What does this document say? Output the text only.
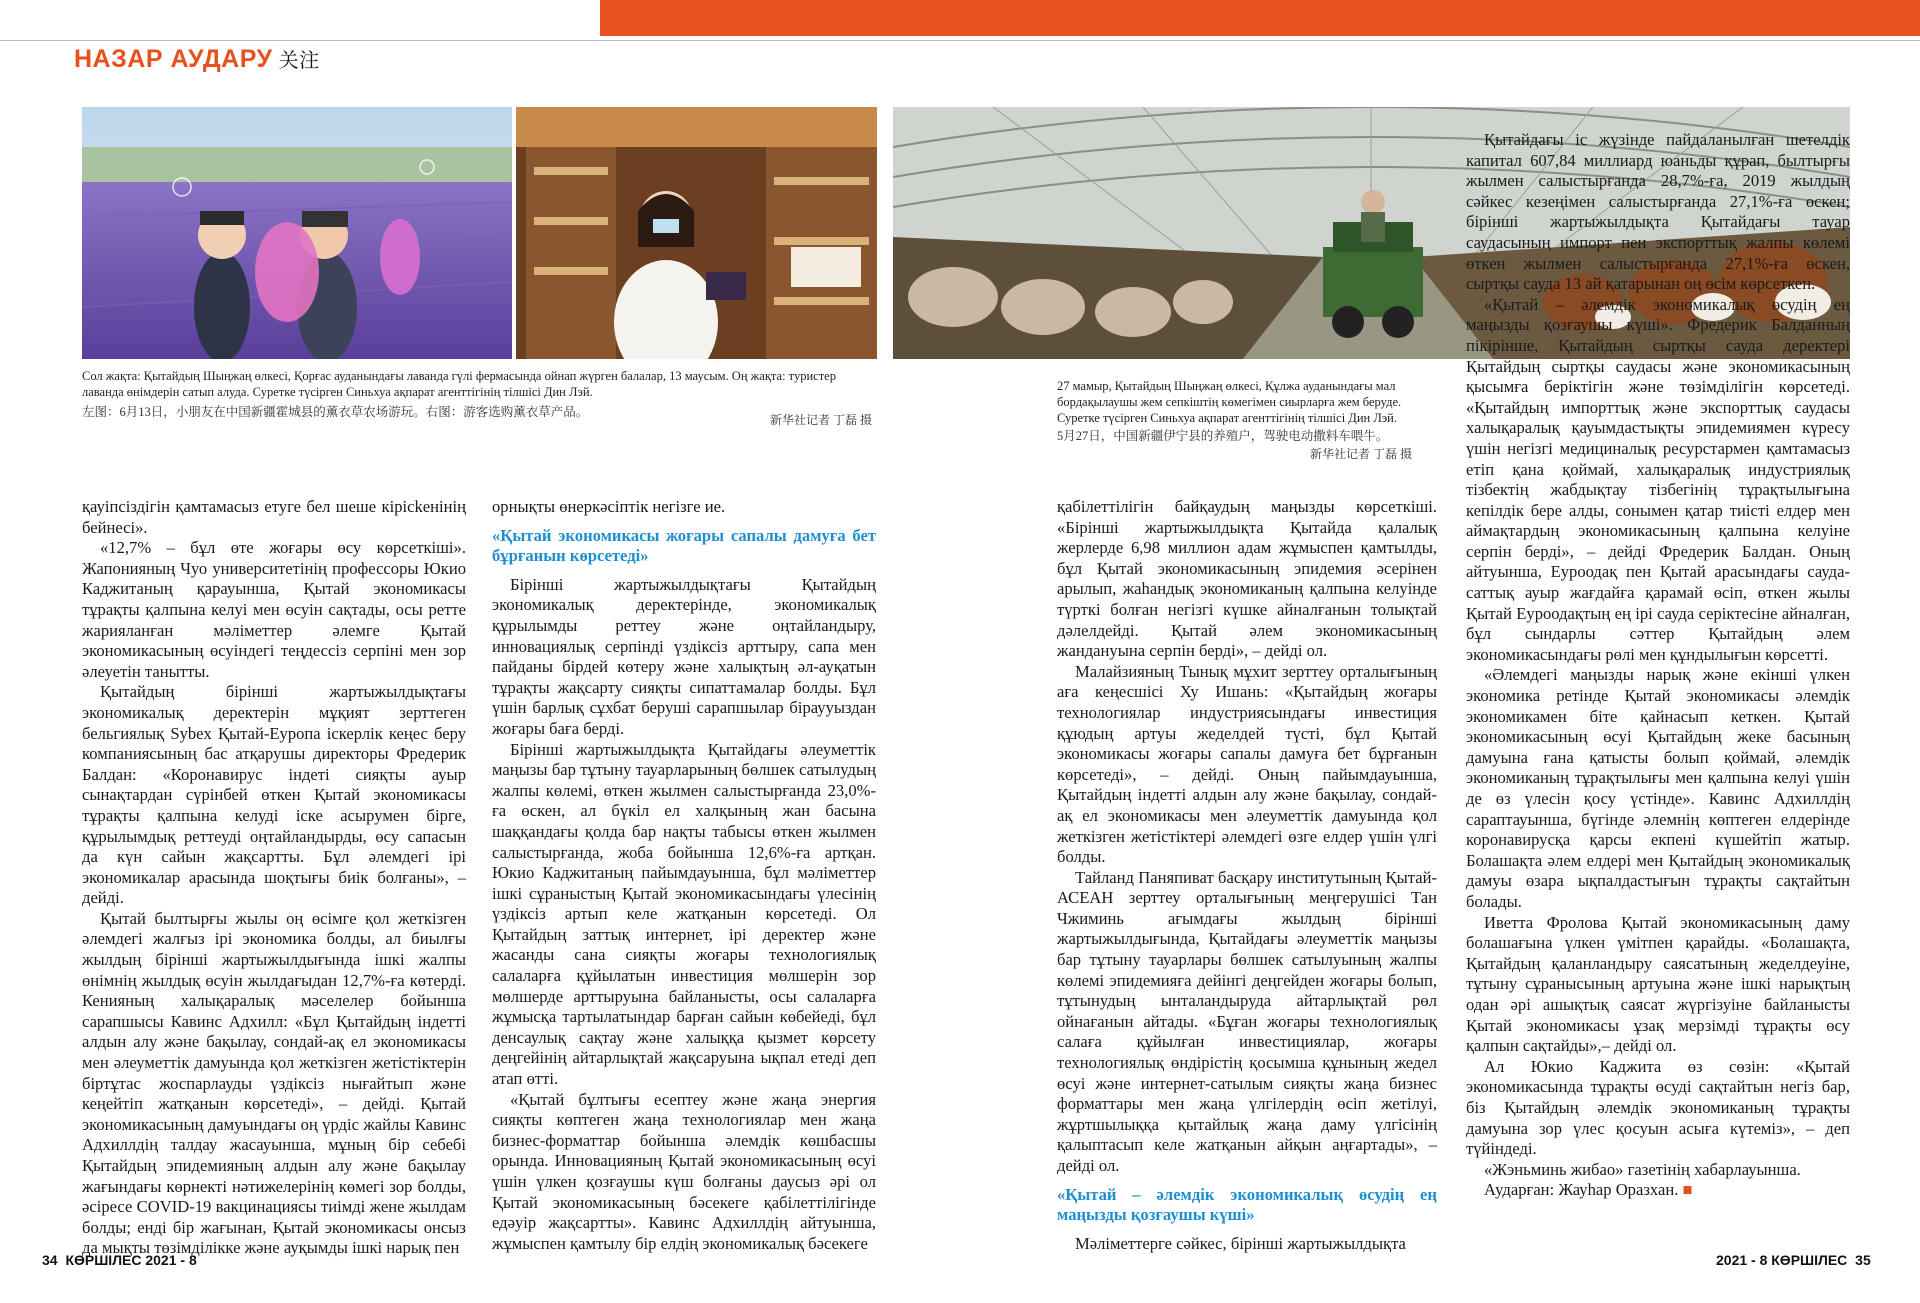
НАЗАР АУДАРУ 关注
Сол жақта: Қытайдың Шыңжаң өлкесі, Қорғас ауданындағы лаванда гүлі фермасында ойнап жүрген балалар, 13 маусым. Оң жақта: туристер лаванда өнімдерін сатып алуда. Суретке түсірген Синьхуа ақпарат агенттігінің тілшісі Дин Лэй.
左图：6月13日，小朋友在中国新疆霍城县的薰衣草农场游玩。右图：游客选购薰衣草产品。
新华社记者 丁磊 摄
27 мамыр, Қытайдың Шыңжаң өлкесі, Құлжа ауданындағы мал бордақылаушы жем сепкіштің көмегімен сиырларға жем беруде. Суретке түсірген Синьхуа ақпарат агенттігінің тілшісі Дин Лэй.
5月27日，中国新疆伊宁县的养殖户，驾驶电动撒料车喂牛。
新华社记者 丁磊 摄

қауіпсіздігін қамтамасыз етуге бел шеше кірісkенінің бейнесі».

«12,7% – бұл өте жоғары өсу көрсеткіші». Жапонияның Чуо университетінің профессоры Юкио Каджитаның қарауынша, Қытай экономикасы тұрақты қалпына келуі мен өсуін сақтады, осы ретте жарияланған мәліметтер әлемге Қытай экономикасының өсуіндегі теңдессіз серпіні мен зор әлеуетін танытты.

Қытайдың бірінші жартыжылдықтағы экономикалық деректерін мұқият зерттеген бельгиялық Sybex Қытай-Еуропа іскерлік кеңес беру компаниясының бас атқарушы директоры Фредерик Балдан: «Коронавирус індеті сияқты ауыр сынақтардан сүрінбей өткен Қытай экономикасы тұрақты қалпына келуді іске асырумен бірге, құрылымдық реттеуді оңтайландырды, өсу сапасын да күн сайын жақсартты. Бұл әлемдегі ірі экономикалар арасында шоқтығы биік болғаны», – дейді.

Қытай былтырғы жылы оң өсімге қол жеткізген әлемдегі жалғыз ірі экономика болды, ал биылғы жылдың бірінші жартыжылдығында ішкі жалпы өнімнің жылдық өсуін жылдағыдан 12,7%-ға көтерді. Кенияның халықаралық мәселелер бойынша сарапшысы Кавинс Адхилл: «Бұл Қытайдың індетті алдын алу және бақылау, сондай-ақ ел экономикасы мен әлеуметтік дамуында қол жеткізген жетістіктерін біртұтас жоспарлауды үздіксіз нығайтып және кеңейтіп жатқанын көрсетеді», – дейді. Қытай экономикасының дамуындағы оң үрдіс жайлы Кавинс Адхиллдің талдау жасауынша, мұның бір себебі Қытайдың эпидемияның алдын алу және бақылау жағындағы көрнекті нәтижелерінің көмегі зор болды, әсіресе COVID-19 вакцинациясы тиімді жене жылдам болды; енді бір жағынан, Қытай экономикасы онсыз да мықты төзімділікке және ауқымды ішкі нарық пен

орнықты өнеркәсіптік негізге ие.

«Қытай экономикасы жоғары сапалы дамуға бет бұрғанын көрсетеді»

Бірінші жартыжылдықтағы Қытайдың экономикалық деректерінде, экономикалық құрылымды реттеу және оңтайландыру, инновациялық серпінді үздіксіз арттыру, сапа мен пайданы бірдей көтеру және халықтың әл-ауқатын тұрақты жақсарту сияқты сипаттамалар болды. Бұл үшін барлық сұхбат беруші сарапшылар біраууыздан жоғары баға берді.

Бірінші жартыжылдықта Қытайдағы әлеуметтік маңызы бар тұтыну тауарларының бөлшек сатылудың жалпы көлемі, өткен жылмен салыстырғанда 23,0%-ға өскен, ал бүкіл ел халқының жан басына шаққандағы қолда бар нақты табысы өткен жылмен салыстырғанда, жоба бойынша 12,6%-ға артқан. Юкио Каджитаның пайымдауынша, бұл мәліметтер ішкі сұраныстың Қытай экономикасындағы үлесінің үздіксіз артып келе жатқанын көрсетеді. Ол Қытайдың заттық интернет, ірі деректер және жасанды сана сияқты жоғары технологиялық салаларға құйылатын инвестиция мөлшерін зор мөлшерде арттыруына байланысты, осы салаларға жұмысқа тартылатындар барған сайын көбейеді, бұл денсаулық сақтау және халыққа қызмет көрсету деңгейінің айтарлықтай жақсаруына ықпал етеді деп атап өтті.

«Қытай бұлтығы есептеу және жаңа энергия сияқты көптеген жаңа технологиялар мен жаңа бизнес-форматтар бойынша әлемдік көшбасшы орында. Инновацияның Қытай экономикасының өсуі үшін үлкен қозғаушы күш болғаны даусыз әрі ол Қытай экономикасының бәсекеге қабілеттілігінде едәуір жақсартты». Кавинс Адхиллдің айтуынша, жұмыспен қамтылу бір елдің экономикалық бәсекеге

қабілеттілігін байқаудың маңызды көрсеткіші. «Бірінші жартыжылдықта Қытайда қалалық жерлерде 6,98 миллион адам жұмыспен қамтылды, бұл Қытай экономикасының эпидемия әсерінен арылып, жаһандық экономиканың қалпына келуінде түрткі болған негізгі күшке айналғанын толықтай дәлелдейді. Қытай әлем экономикасының жандануына серпін берді», – дейді ол.

Малайзияның Тынық мұхит зерттеу орталығының аға кеңесшісі Ху Ишань: «Қытайдың жоғары технологиялар индустриясындағы инвестиция құюдың артуы жеделдей түсті, бұл Қытай экономикасы жоғары сапалы дамуға бет бұрғанын көрсетеді», – дейді. Оның пайымдауынша, Қытайдың індетті алдын алу және бақылау, сондай-ақ ел экономикасы мен әлеуметтік дамуында қол жеткізген жетістіктері әлемдегі өзге елдер үшін үлгі болды.

Тайланд Паняпиват басқару институтының Қытай-АСЕАН зерттеу орталығының меңгерушісі Тан Чжиминь ағымдағы жылдың бірінші жартыжылдығында, Қытайдағы әлеуметтік маңызы бар тұтыну тауарлары бөлшек сатылуының жалпы көлемі эпидемияға дейінгі деңгейден жоғары болып, тұтынудың ынталандыруда айтарлықтай рөл ойнағанын айтады. «Бұған жоғары технологиялық салаға құйылған инвестициялар, жоғары технологиялық өндірістің қосымша құнының жедел өсуі және интернет-сатылым сияқты жаңа бизнес форматтары мен жаңа үлгілердің өсіп жетілуі, жұртшылыққа қытайлық жаңа даму үлгісінің қалыптасып келе жатқанын айқын аңғартады», – дейді ол.

«Қытай – әлемдік экономикалық өсудің ең маңызды қозғаушы күші»

Мәліметтерге сәйкес, бірінші жартыжылдықта

Қытайдағы іс жүзінде пайдаланылған шетелдік капитал 607,84 миллиард юаньды құрап, былтырғы жылмен салыстырғанда 28,7%-ға, 2019 жылдың сәйкес кезеңімен салыстырғанда 27,1%-ға өскен; бірінші жартыжылдықта Қытайдағы тауар саудасының импорт пен экспорттық жалпы көлемі өткен жылмен салыстырғанда 27,1%-ға өскен, сыртқы сауда 13 ай қатарынан оң өсім көрсеткен.

«Қытай – әлемдік экономикалық өсудің ең маңызды қозғаушы күші». Фредерик Балданның пікірінше, Қытайдың сыртқы сауда деректері Қытайдың сыртқы саудасы және экономикасының қысымға беріктігін және төзімділігін көрсетеді. «Қытайдың импорттық және экспорттық саудасы халықаралық қауымдастықты эпидемиямен күресу үшін негізгі медициналық ресурстармен қамтамасыз етіп қана қоймай, халықаралық индустриялық тізбектің жабдықтау тізбегінің тұрақтылығына кепілдік бере алды, сонымен қатар тиісті елдер мен аймақтардың экономикасының қалпына келуіне серпін берді», – дейді Фредерик Балдан. Оның айтуынша, Еуроодақ пен Қытай арасындағы сауда-саттық ауыр жағдайға қарамай өсіп, өткен жылы Қытай Еуроодақтың ең ірі сауда серіктесіне айналған, бұл сындарлы сәттер Қытайдың әлем экономикасындағы рөлі мен құндылығын көрсетті.

«Әлемдегі маңызды нарық және екінші үлкен экономика ретінде Қытай экономикасы әлемдік экономикамен біте қайнасып кеткен. Қытай экономикасының өсуі Қытайдың жеке басының дамуына ғана қатысты болып қоймай, әлемдік экономиканың тұрақтылығы мен қалпына келуі үшін де өз үлесін қосу үстінде». Кавинс Адхиллдің сараптауынша, бүгінде әлемнің көптеген елдерінде коронавирусқа қарсы екпені күшейтіп жатыр. Болашақта әлем елдері мен Қытайдың экономикалық дамуы өзара ықпалдастығын тұрақты сақтайтын болады.

Иветта Фролова Қытай экономикасының даму болашағына үлкен үмітпен қарайды. «Болашақта, Қытайдың қаланландыру саясатының жеделдеуіне, тұтыну сұранысының артуына және ішкі нарықтың одан әрі ашықтық саясат жүргізуіне байланысты Қытай экономикасы ұзақ мерзімді тұрақты өсу қалпын сақтайды»,– дейді ол.

Ал Юкио Каджита өз сөзін: «Қытай экономикасында тұрақты өсуді сақтайтын негіз бар, біз Қытайдың әлемдік экономиканың тұрақты дамуына зор үлес қосуын асыға күтеміз», – деп түйіндеді.

«Жэньминь жибао» газетінің хабарлауынша.

Аударған: Жауһар Оразхан. ■

34 КӨРШІЛЕС 2021 - 8	2021 - 8 КӨРШІЛЕС 35
